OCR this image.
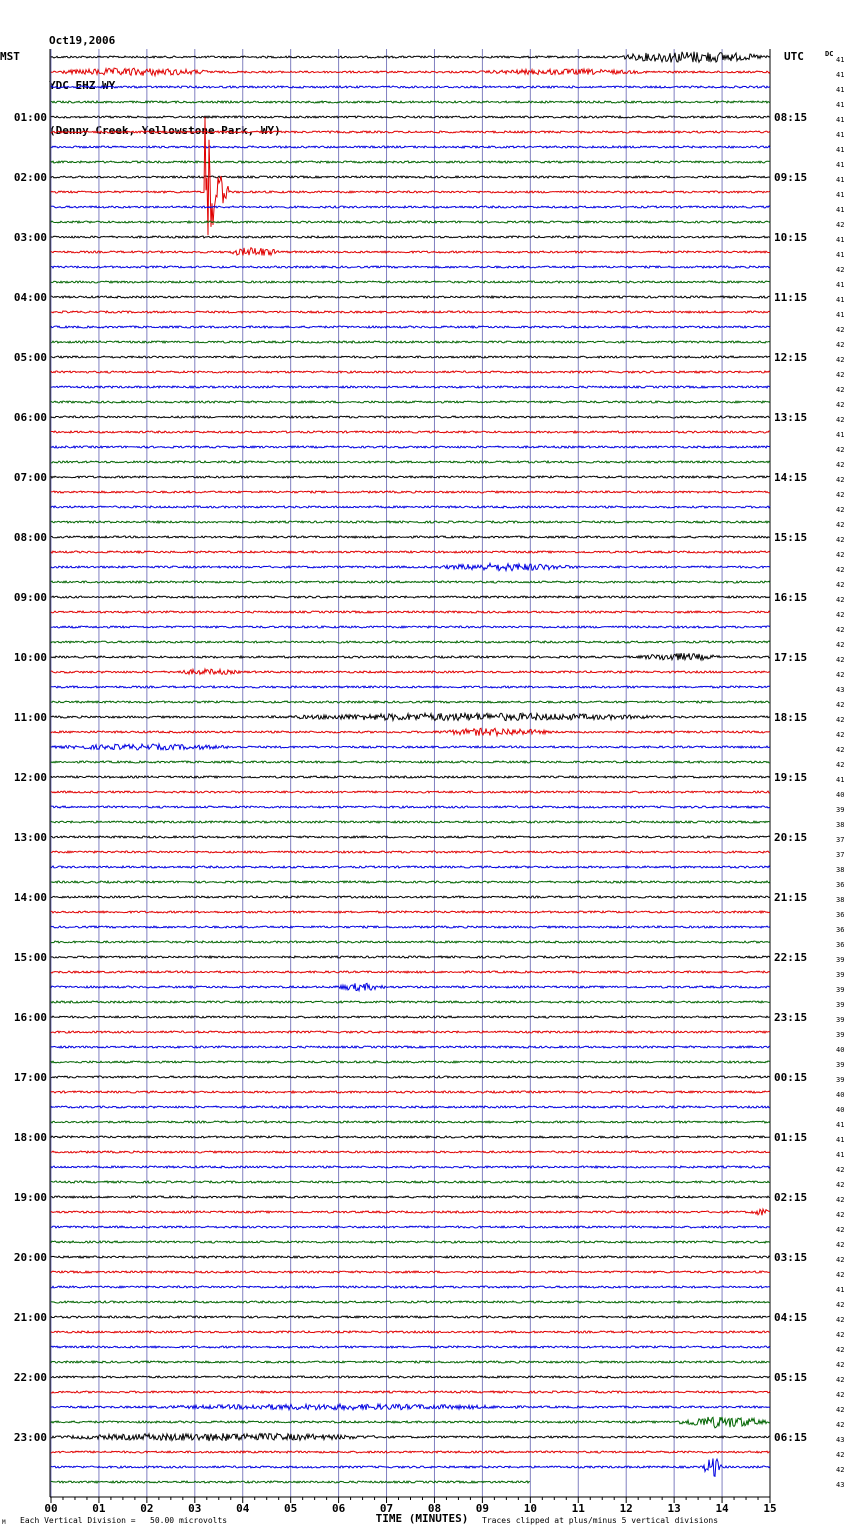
Oct19,2006

YDC EHZ WY

(Denny Creek, Yellowstone Park, WY)

MST	UTC	DC
00	01	02	03	04	05	06	07	08	09	10	11	12	13	14	15
TIME (MINUTES)
01:00	08:15
02:00	09:15
03:00	10:15
04:00	11:15
05:00	12:15
06:00	13:15
07:00	14:15
08:00	15:15
09:00	16:15
10:00	17:15
11:00	18:15
12:00	19:15
13:00	20:15
14:00	21:15
15:00	22:15
16:00	23:15
17:00	00:15
18:00	01:15
19:00	02:15
20:00	03:15
21:00	04:15
22:00	05:15
23:00	06:15
41
41
41
41
41
41
41
41
41
41
41
42
41
41
42
41
41
41
42
42
42
42
42
42
42
41
42
42
42
42
42
42
42
42
42
42
42
42
42
42
42
42
43
42
42
42
42
42
41
40
39
38
37
37
38
36
38
36
36
36
39
39
39
39
39
39
40
39
39
40
40
41
41
41
42
42
42
42
42
42
42
42
41
42
42
42
42
42
42
42
42
42
43
42
42
43
M Each Vertical Division =   50.00 microvolts	Traces clipped at plus/minus 5 vertical divisions
